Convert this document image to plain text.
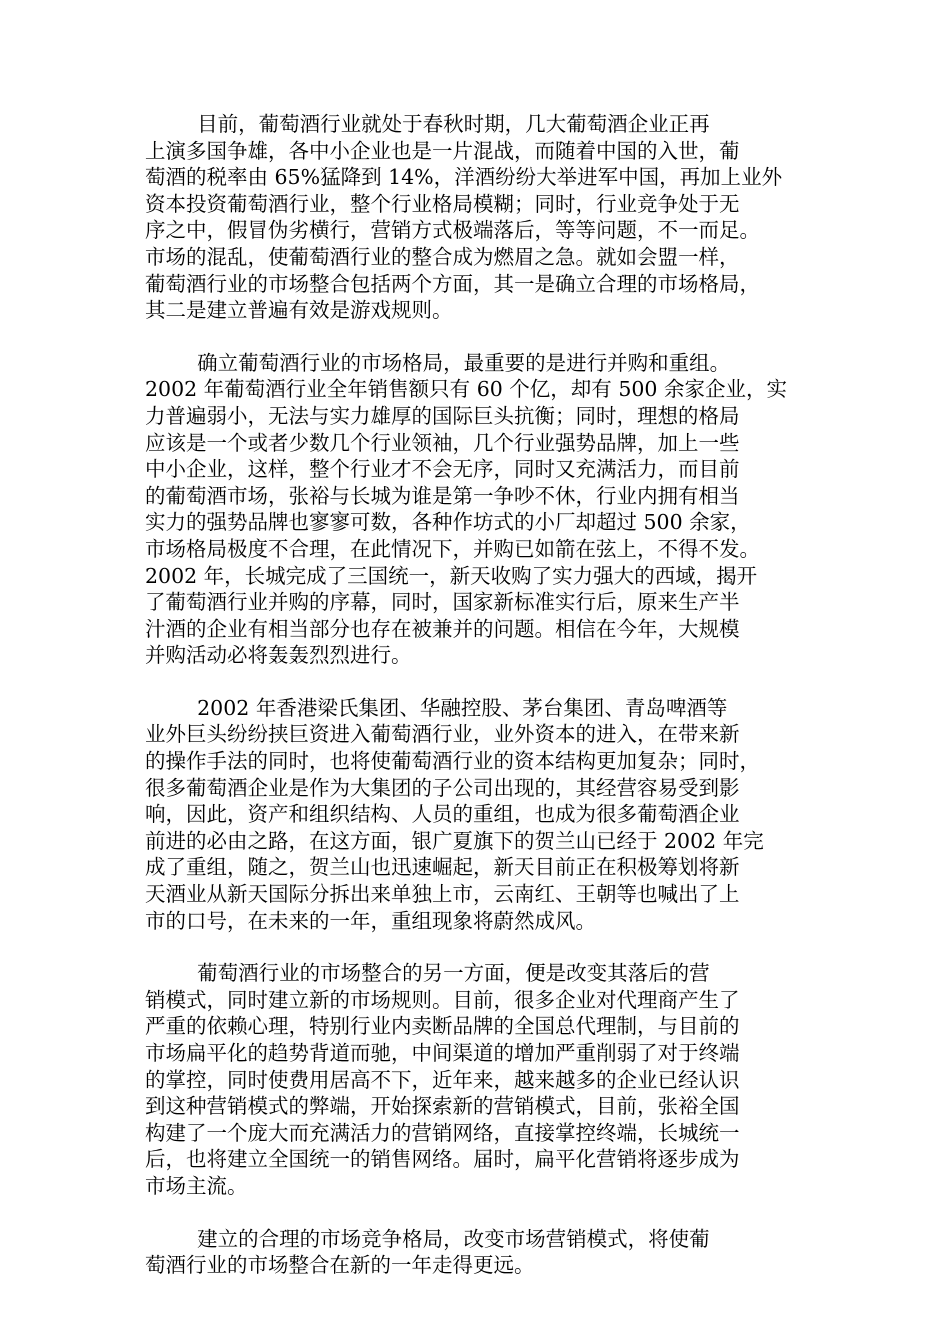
目前，葡萄酒行业就处于春秋时期，几大葡萄酒企业正再
上演多国争雄，各中小企业也是一片混战，而随着中国的入世，葡
萄酒的税率由 65%猛降到 14%，洋酒纷纷大举进军中国，再加上业外
资本投资葡萄酒行业，整个行业格局模糊；同时，行业竞争处于无
序之中，假冒伪劣横行，营销方式极端落后，等等问题，不一而足。
市场的混乱，使葡萄酒行业的整合成为燃眉之急。就如会盟一样，
葡萄酒行业的市场整合包括两个方面，其一是确立合理的市场格局，
其二是建立普遍有效是游戏规则。
确立葡萄酒行业的市场格局，最重要的是进行并购和重组。
2002 年葡萄酒行业全年销售额只有 60 个亿，却有 500 余家企业，实
力普遍弱小，无法与实力雄厚的国际巨头抗衡；同时，理想的格局
应该是一个或者少数几个行业领袖，几个行业强势品牌，加上一些
中小企业，这样，整个行业才不会无序，同时又充满活力，而目前
的葡萄酒市场，张裕与长城为谁是第一争吵不休，行业内拥有相当
实力的强势品牌也寥寥可数，各种作坊式的小厂却超过 500 余家，
市场格局极度不合理，在此情况下，并购已如箭在弦上，不得不发。
2002 年，长城完成了三国统一，新天收购了实力强大的西域，揭开
了葡萄酒行业并购的序幕，同时，国家新标准实行后，原来生产半
汁酒的企业有相当部分也存在被兼并的问题。相信在今年，大规模
并购活动必将轰轰烈烈进行。
2002 年香港梁氏集团、华融控股、茅台集团、青岛啤酒等
业外巨头纷纷挟巨资进入葡萄酒行业，业外资本的进入，在带来新
的操作手法的同时，也将使葡萄酒行业的资本结构更加复杂；同时，
很多葡萄酒企业是作为大集团的子公司出现的，其经营容易受到影
响，因此，资产和组织结构、人员的重组，也成为很多葡萄酒企业
前进的必由之路，在这方面，银广夏旗下的贺兰山已经于 2002 年完
成了重组，随之，贺兰山也迅速崛起，新天目前正在积极筹划将新
天酒业从新天国际分拆出来单独上市，云南红、王朝等也喊出了上
市的口号，在未来的一年，重组现象将蔚然成风。
葡萄酒行业的市场整合的另一方面，便是改变其落后的营
销模式，同时建立新的市场规则。目前，很多企业对代理商产生了
严重的依赖心理，特别行业内卖断品牌的全国总代理制，与目前的
市场扁平化的趋势背道而驰，中间渠道的增加严重削弱了对于终端
的掌控，同时使费用居高不下，近年来，越来越多的企业已经认识
到这种营销模式的弊端，开始探索新的营销模式，目前，张裕全国
构建了一个庞大而充满活力的营销网络，直接掌控终端，长城统一
后，也将建立全国统一的销售网络。届时，扁平化营销将逐步成为
市场主流。
建立的合理的市场竞争格局，改变市场营销模式，将使葡
萄酒行业的市场整合在新的一年走得更远。
